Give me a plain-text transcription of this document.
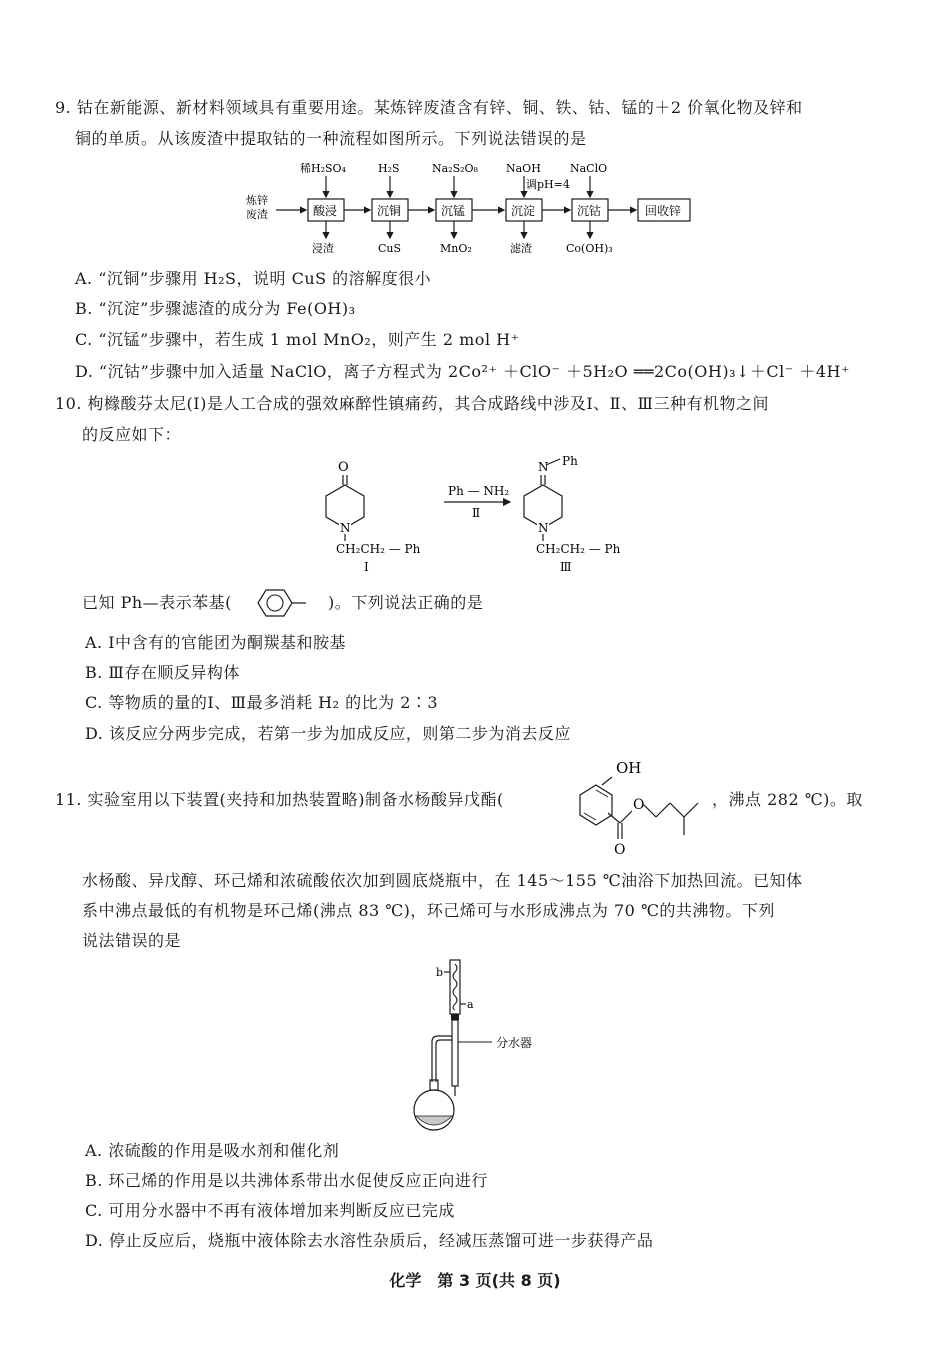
9. 钴在新能源、新材料领域具有重要用途。某炼锌废渣含有锌、铜、铁、钴、锰的＋2 价氧化物及锌和
铜的单质。从该废渣中提取钴的一种流程如图所示。下列说法错误的是
炼锌
废渣	酸浸	沉铜	沉锰	沉淀	沉钴	回收锌
稀H₂SO₄	H₂S	Na₂S₂O₈	NaOH
调pH=4
NaClO
浸渣	CuS	MnO₂	滤渣	Co(OH)₃
A. “沉铜”步骤用 H₂S，说明 CuS 的溶解度很小
B. “沉淀”步骤滤渣的成分为 Fe(OH)₃
C. “沉锰”步骤中，若生成 1 mol MnO₂，则产生 2 mol H⁺
D. “沉钴”步骤中加入适量 NaClO，离子方程式为 2Co²⁺ ＋ClO⁻ ＋5H₂O ══2Co(OH)₃↓＋Cl⁻ ＋4H⁺
10. 枸橼酸芬太尼(Ⅰ)是人工合成的强效麻醉性镇痛药，其合成路线中涉及Ⅰ、Ⅱ、Ⅲ三种有机物之间
的反应如下：
O
N
CH₂CH₂ — Ph
Ⅰ
Ph — NH₂
Ⅱ
N Ph
N
CH₂CH₂ — Ph
Ⅲ
已知 Ph—表示苯基(	)。下列说法正确的是
A. Ⅰ中含有的官能团为酮羰基和胺基
B. Ⅲ存在顺反异构体
C. 等物质的量的Ⅰ、Ⅲ最多消耗 H₂ 的比为 2∶3
D. 该反应分两步完成，若第一步为加成反应，则第二步为消去反应
11. 实验室用以下装置(夹持和加热装置略)制备水杨酸异戊酯(
OH
O
O	，沸点 282 ℃)。取
水杨酸、异戊醇、环己烯和浓硫酸依次加到圆底烧瓶中，在 145～155 ℃油浴下加热回流。已知体
系中沸点最低的有机物是环己烯(沸点 83 ℃)，环己烯可与水形成沸点为 70 ℃的共沸物。下列
说法错误的是
b
a
分水器
A. 浓硫酸的作用是吸水剂和催化剂
B. 环己烯的作用是以共沸体系带出水促使反应正向进行
C. 可用分水器中不再有液体增加来判断反应已完成
D. 停止反应后，烧瓶中液体除去水溶性杂质后，经减压蒸馏可进一步获得产品
化学　第 3 页(共 8 页)
